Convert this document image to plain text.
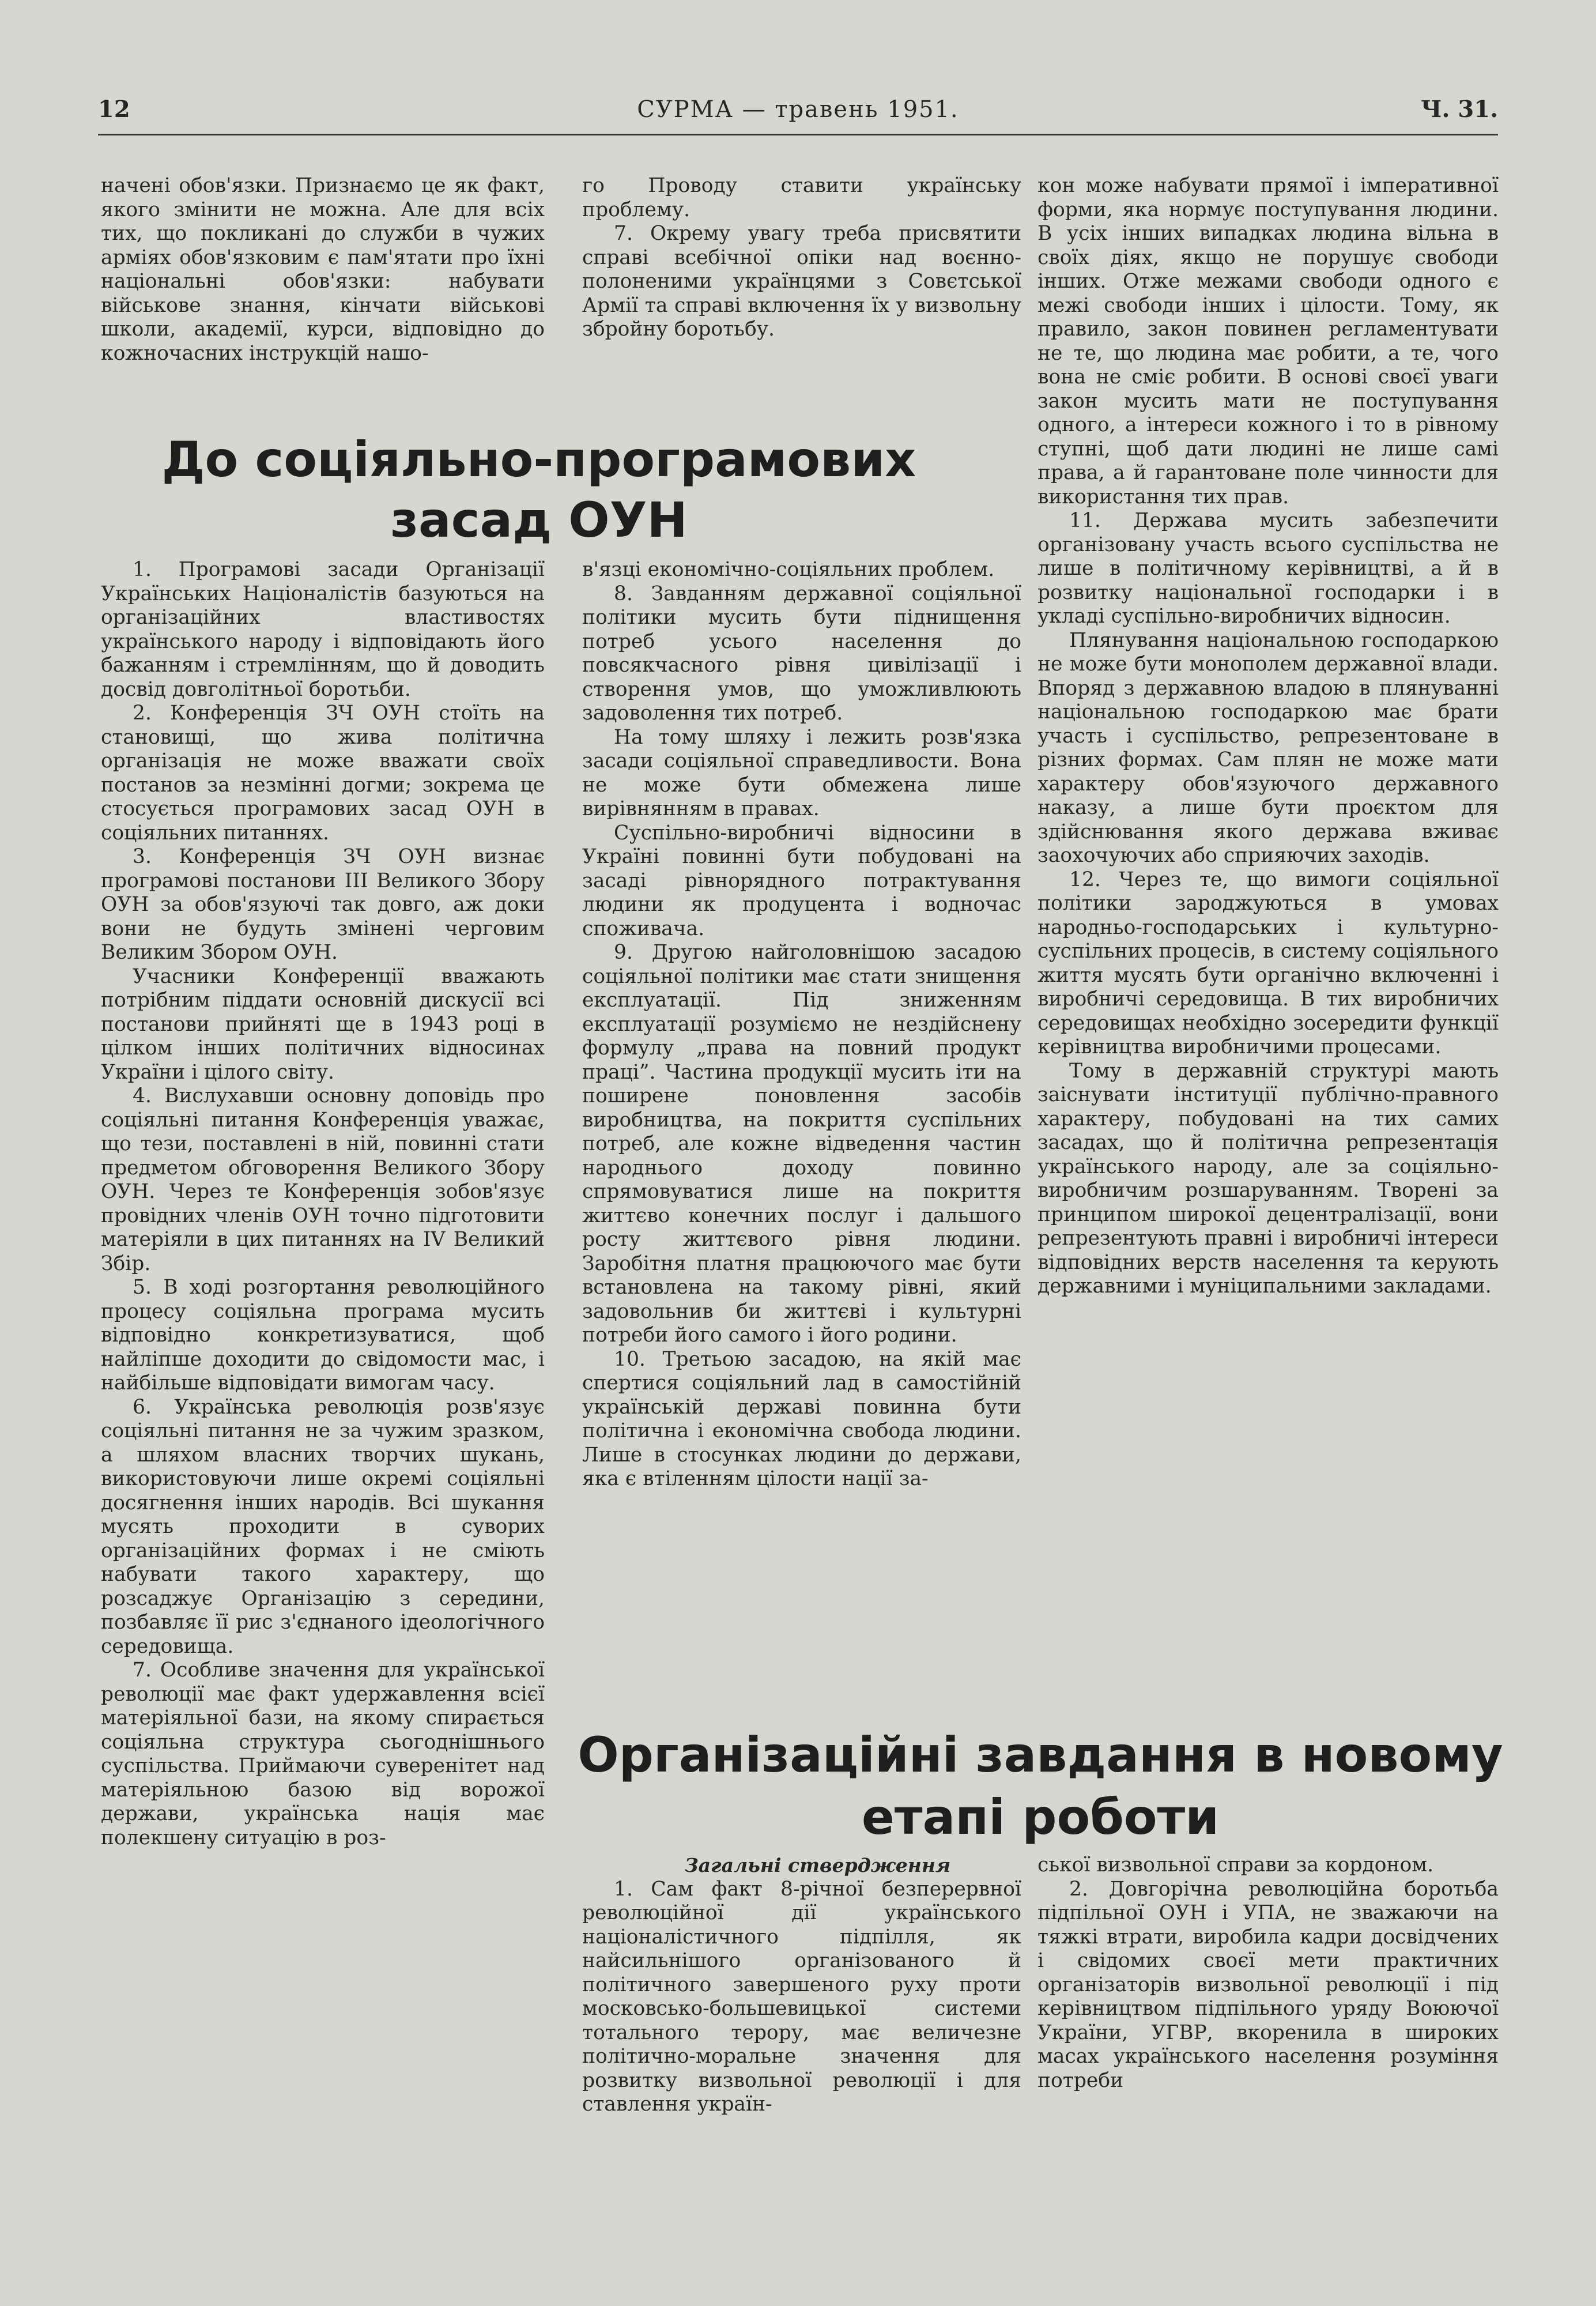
12	СУРМА — травень 1951.	Ч. 31.

начені обов'язки. Признаємо це як факт, якого змінити не можна. Але для всіх тих, що покликані до служби в чужих арміях обов'язковим є пам'ятати про їхні національні обов'язки: набувати військове знання, кінчати військові школи, академії, курси, відповідно до кожночасних інструкцій нашо-

го Проводу ставити українську проблему.

7. Окрему увагу треба присвятити справі всебічної опіки над воєнно-полоненими українцями з Совєтської Армії та справі включення їх у визвольну збройну боротьбу.

До соціяльно-програмових
засад ОУН

1. Програмові засади Організації Українських Націоналістів базуються на організаційних властивостях українського народу і відповідають його бажанням і стремлінням, що й доводить досвід довголітньої боротьби.

2. Конференція ЗЧ ОУН стоїть на становищі, що жива політична організація не може вважати своїх постанов за незмінні догми; зокрема це стосується програмових засад ОУН в соціяльних питаннях.

3. Конференція ЗЧ ОУН визнає програмові постанови III Великого Збору ОУН за обов'язуючі так довго, аж доки вони не будуть змінені черговим Великим Збором ОУН.

Учасники Конференції вважають потрібним піддати основній дискусії всі постанови прийняті ще в 1943 році в цілком інших політичних відносинах України і цілого світу.

4. Вислухавши основну доповідь про соціяльні питання Конференція уважає, що тези, поставлені в ній, повинні стати предметом обговорення Великого Збору ОУН. Через те Конференція зобов'язує провідних членів ОУН точно підготовити матеріяли в цих питаннях на IV Великий Збір.

5. В ході розгортання революційного процесу соціяльна програма мусить відповідно конкретизуватися, щоб найліпше доходити до свідомости мас, і найбільше відповідати вимогам часу.

6. Українська революція розв'язує соціяльні питання не за чужим зразком, а шляхом власних творчих шукань, використовуючи лише окремі соціяльні досягнення інших народів. Всі шукання мусять проходити в суворих організаційних формах і не сміють набувати такого характеру, що розсаджує Організацію з середини, позбавляє її рис з'єднаного ідеологічного середовища.

7. Особливе значення для української революції має факт удержавлення всієї матеріяльної бази, на якому спирається соціяльна структура сьогоднішнього суспільства. Приймаючи суверенітет над матеріяльною базою від ворожої держави, українська нація має полекшену ситуацію в роз-

в'язці економічно-соціяльних проблем.

8. Завданням державної соціяльної політики мусить бути піднищення потреб усього населення до повсякчасного рівня цивілізації і створення умов, що уможливлюють задоволення тих потреб.

На тому шляху і лежить розв'язка засади соціяльної справедливости. Вона не може бути обмежена лише вирівнянням в правах.

Суспільно-виробничі відносини в Україні повинні бути побудовані на засаді рівнорядного потрактування людини як продуцента і водночас споживача.

9. Другою найголовнішою засадою соціяльної політики має стати знищення експлуатації. Під зниженням експлуатації розуміємо не нездійснену формулу „права на повний продукт праці”. Частина продукції мусить іти на поширене поновлення засобів виробництва, на покриття суспільних потреб, але кожне відведення частин народнього доходу повинно спрямовуватися лише на покриття життєво конечних послуг і дальшого росту життєвого рівня людини. Заробітня платня працюючого має бути встановлена на такому рівні, який задовольнив би життєві і культурні потреби його самого і його родини.

10. Третьою засадою, на якій має спертися соціяльний лад в самостійній українській державі повинна бути політична і економічна свобода людини. Лише в стосунках людини до держави, яка є втіленням цілости нації за-

кон може набувати прямої і імперативної форми, яка нормує поступування людини. В усіх інших випадках людина вільна в своїх діях, якщо не порушує свободи інших. Отже межами свободи одного є межі свободи інших і цілости. Тому, як правило, закон повинен регламентувати не те, що людина має робити, а те, чого вона не сміє робити. В основі своєї уваги закон мусить мати не поступування одного, а інтереси кожного і то в рівному ступні, щоб дати людині не лише самі права, а й гарантоване поле чинности для використання тих прав.

11. Держава мусить забезпечити організовану участь всього суспільства не лише в політичному керівництві, а й в розвитку національної господарки і в укладі суспільно-виробничих відносин.

Плянування національною господаркою не може бути монополем державної влади. Впоряд з державною владою в плянуванні національною господаркою має брати участь і суспільство, репрезентоване в різних формах. Сам плян не може мати характеру обов'язуючого державного наказу, а лише бути проєктом для здійснювання якого держава вживає заохочуючих або сприяючих заходів.

12. Через те, що вимоги соціяльної політики зароджуються в умовах народньо-господарських і культурно-суспільних процесів, в систему соціяльного життя мусять бути органічно включенні і виробничі середовища. В тих виробничих середовищах необхідно зосередити функції керівництва виробничими процесами.

Тому в державній структурі мають заіснувати інституції публічно-правного характеру, побудовані на тих самих засадах, що й політична репрезентація українського народу, але за соціяльно-виробничим розшаруванням. Творені за принципом широкої децентралізації, вони репрезентують правні і виробничі інтереси відповідних верств населення та керують державними і муніципальними закладами.

Організаційні завдання в новому
етапі роботи

Загальні ствердження

1. Сам факт 8-річної безперервної революційної дії українського націоналістичного підпілля, як найсильнішого організованого й політичного завершеного руху проти московсько-большевицької системи тотального терору, має величезне політично-моральне значення для розвитку визвольної революції і для ставлення україн-

ської визвольної справи за кордоном.

2. Довгорічна революційна боротьба підпільної ОУН і УПА, не зважаючи на тяжкі втрати, виробила кадри досвідчених і свідомих своєї мети практичних організаторів визвольної революції і під керівництвом підпільного уряду Воюючої України, УГВР, вкоренила в широких масах українського населення розуміння потреби
